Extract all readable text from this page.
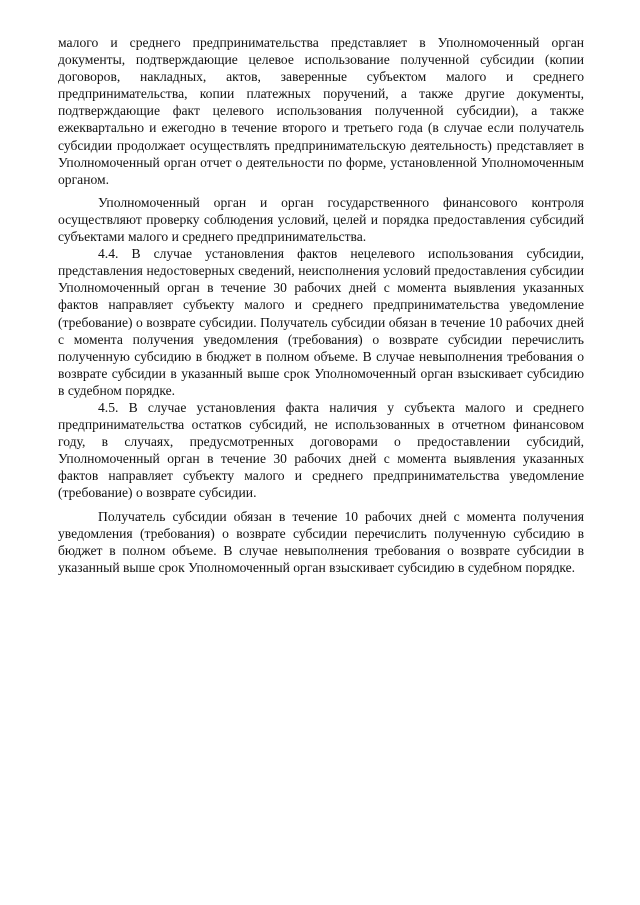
малого и среднего предпринимательства представляет в Уполномоченный орган документы, подтверждающие целевое использование полученной субсидии (копии договоров, накладных, актов, заверенные субъектом малого и среднего предпринимательства, копии платежных поручений, а также другие документы, подтверждающие факт целевого использования полученной субсидии), а также ежеквартально и ежегодно в течение второго и третьего года (в случае если получатель субсидии продолжает осуществлять предпринимательскую деятельность) представляет в Уполномоченный орган отчет о деятельности по форме, установленной Уполномоченным органом.

Уполномоченный орган и орган государственного финансового контроля осуществляют проверку соблюдения условий, целей и порядка предоставления субсидий субъектами малого и среднего предпринимательства.

4.4. В случае установления фактов нецелевого использования субсидии, представления недостоверных сведений, неисполнения условий предоставления субсидии Уполномоченный орган в течение 30 рабочих дней с момента выявления указанных фактов направляет субъекту малого и среднего предпринимательства уведомление (требование) о возврате субсидии. Получатель субсидии обязан в течение 10 рабочих дней с момента получения уведомления (требования) о возврате субсидии перечислить полученную субсидию в бюджет в полном объеме. В случае невыполнения требования о возврате субсидии в указанный выше срок Уполномоченный орган взыскивает субсидию в судебном порядке.

4.5. В случае установления факта наличия у субъекта малого и среднего предпринимательства остатков субсидий, не использованных в отчетном финансовом году, в случаях, предусмотренных договорами о предоставлении субсидий, Уполномоченный орган в течение 30 рабочих дней с момента выявления указанных фактов направляет субъекту малого и среднего предпринимательства уведомление (требование) о возврате субсидии.

Получатель субсидии обязан в течение 10 рабочих дней с момента получения уведомления (требования) о возврате субсидии перечислить полученную субсидию в бюджет в полном объеме. В случае невыполнения требования о возврате субсидии в указанный выше срок Уполномоченный орган взыскивает субсидию в судебном порядке.
